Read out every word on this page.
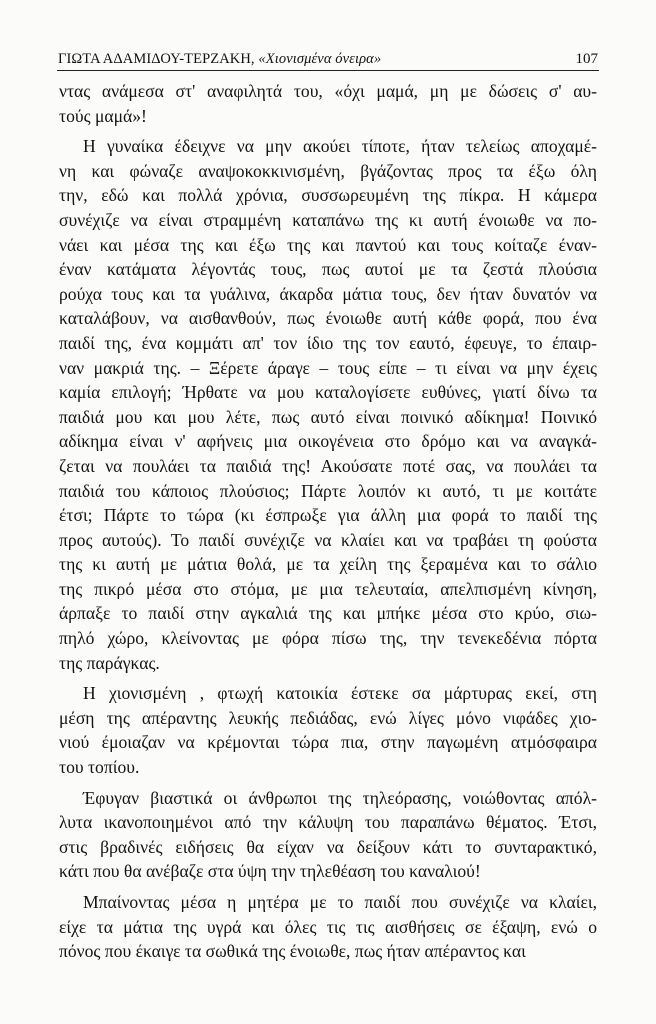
ΓΙΩΤΑ ΑΔΑΜΙΔΟΥ-ΤΕΡΖΑΚΗ, «Χιονισμένα όνειρα»	107

ντας ανάμεσα στ' αναφιλητά του, «όχι μαμά, μη με δώσεις σ' αυ-
τούς μαμά»!

Η γυναίκα έδειχνε να μην ακούει τίποτε, ήταν τελείως αποχαμέ-
νη και φώναζε αναψοκοκκινισμένη, βγάζοντας προς τα έξω όλη
την, εδώ και πολλά χρόνια, συσσωρευμένη της πίκρα. Η κάμερα
συνέχιζε να είναι στραμμένη καταπάνω της κι αυτή ένοιωθε να πο-
νάει και μέσα της και έξω της και παντού και τους κοίταζε έναν-
έναν κατάματα λέγοντάς τους, πως αυτοί με τα ζεστά πλούσια
ρούχα τους και τα γυάλινα, άκαρδα μάτια τους, δεν ήταν δυνατόν να
καταλάβουν, να αισθανθούν, πως ένοιωθε αυτή κάθε φορά, που ένα
παιδί της, ένα κομμάτι απ' τον ίδιο της τον εαυτό, έφευγε, το έπαιρ-
ναν μακριά της. – Ξέρετε άραγε – τους είπε – τι είναι να μην έχεις
καμία επιλογή; Ήρθατε να μου καταλογίσετε ευθύνες, γιατί δίνω τα
παιδιά μου και μου λέτε, πως αυτό είναι ποινικό αδίκημα! Ποινικό
αδίκημα είναι ν' αφήνεις μια οικογένεια στο δρόμο και να αναγκά-
ζεται να πουλάει τα παιδιά της! Ακούσατε ποτέ σας, να πουλάει τα
παιδιά του κάποιος πλούσιος; Πάρτε λοιπόν κι αυτό, τι με κοιτάτε
έτσι; Πάρτε το τώρα (κι έσπρωξε για άλλη μια φορά το παιδί της
προς αυτούς). Το παιδί συνέχιζε να κλαίει και να τραβάει τη φούστα
της κι αυτή με μάτια θολά, με τα χείλη της ξεραμένα και το σάλιο
της πικρό μέσα στο στόμα, με μια τελευταία, απελπισμένη κίνηση,
άρπαξε το παιδί στην αγκαλιά της και μπήκε μέσα στο κρύο, σιω-
πηλό χώρο, κλείνοντας με φόρα πίσω της, την τενεκεδένια πόρτα
της παράγκας.

Η χιονισμένη , φτωχή κατοικία έστεκε σα μάρτυρας εκεί, στη
μέση της απέραντης λευκής πεδιάδας, ενώ λίγες μόνο νιφάδες χιο-
νιού έμοιαζαν να κρέμονται τώρα πια, στην παγωμένη ατμόσφαιρα
του τοπίου.

Έφυγαν βιαστικά οι άνθρωποι της τηλεόρασης, νοιώθοντας απόλ-
λυτα ικανοποιημένοι από την κάλυψη του παραπάνω θέματος. Έτσι,
στις βραδινές ειδήσεις θα είχαν να δείξουν κάτι το συνταρακτικό,
κάτι που θα ανέβαζε στα ύψη την τηλεθέαση του καναλιού!

Μπαίνοντας μέσα η μητέρα με το παιδί που συνέχιζε να κλαίει,
είχε τα μάτια της υγρά και όλες τις τις αισθήσεις σε έξαψη, ενώ ο
πόνος που έκαιγε τα σωθικά της ένοιωθε, πως ήταν απέραντος και
